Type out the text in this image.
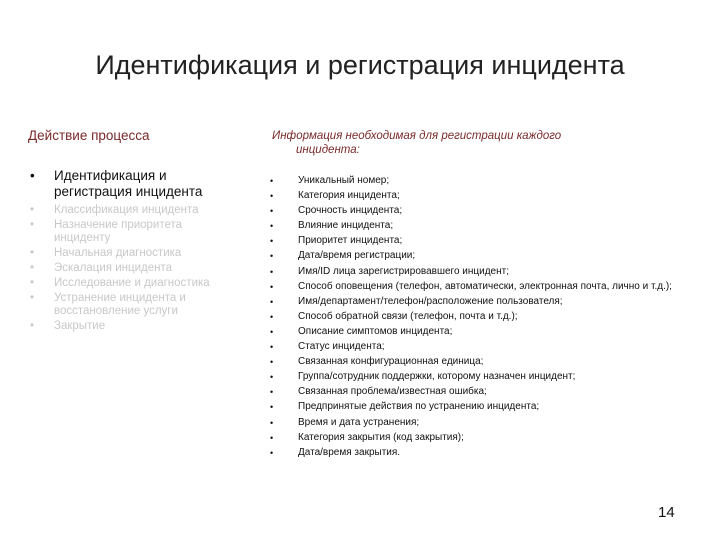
Идентификация и регистрация инцидента
Действие процесса
• Идентификация и регистрация инцидента
• Классификация инцидента
• Назначение приоритета инциденту
• Начальная диагностика
• Эскалация инцидента
• Исследование и диагностика
• Устранение инцидента и восстановление услуги
• Закрытие
Информация необходимая для регистрации каждого
инцидента:
• Уникальный номер;
• Категория инцидента;
• Срочность инцидента;
• Влияние инцидента;
• Приоритет инцидента;
• Дата/время регистрации;
• Имя/ID лица зарегистрировавшего инцидент;
• Способ оповещения (телефон, автоматически, электронная почта, лично и т.д.);
• Имя/департамент/телефон/расположение пользователя;
• Способ обратной связи (телефон, почта и т.д.);
• Описание симптомов инцидента;
• Статус инцидента;
• Связанная конфигурационная единица;
• Группа/сотрудник поддержки, которому назначен инцидент;
• Связанная проблема/известная ошибка;
• Предпринятые действия по устранению инцидента;
• Время и дата устранения;
• Категория закрытия (код закрытия);
• Дата/время закрытия.
14
